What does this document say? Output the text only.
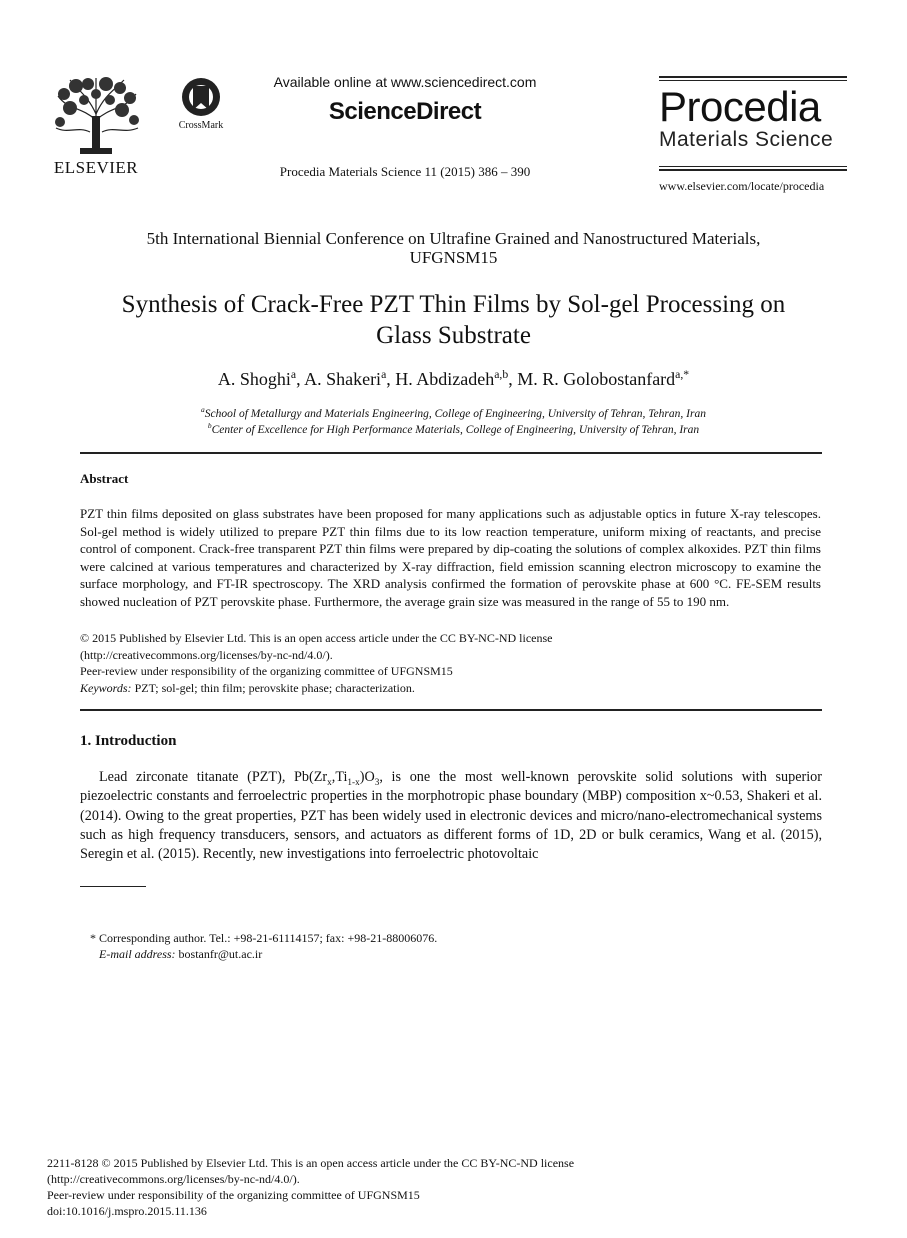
ELSEVIER
CrossMark
Available online at www.sciencedirect.com
ScienceDirect
Procedia Materials Science 11 (2015) 386 – 390
Procedia
Materials Science
www.elsevier.com/locate/procedia
5th International Biennial Conference on Ultrafine Grained and Nanostructured Materials,
UFGNSM15
Synthesis of Crack-Free PZT Thin Films by Sol-gel Processing on
Glass Substrate
A. Shoghi$^a$, A. Shakeri$^a$, H. Abdizadeh$^{a,b}$, M. R. Golobostanfard$^{a,*}$
$^a$School of Metallurgy and Materials Engineering, College of Engineering, University of Tehran, Tehran, Iran
$^b$Center of Excellence for High Performance Materials, College of Engineering, University of Tehran, Iran
Abstract
PZT thin films deposited on glass substrates have been proposed for many applications such as adjustable optics in future X-ray telescopes. Sol-gel method is widely utilized to prepare PZT thin films due to its low reaction temperature, uniform mixing of reactants, and precise control of component. Crack-free transparent PZT thin films were prepared by dip-coating the solutions of complex alkoxides. PZT thin films were calcined at various temperatures and characterized by X-ray diffraction, field emission scanning electron microscopy to examine the surface morphology, and FT-IR spectroscopy. The XRD analysis confirmed the formation of perovskite phase at 600 °C. FE-SEM results showed nucleation of PZT perovskite phase. Furthermore, the average grain size was measured in the range of 55 to 190 nm.
© 2015 Published by Elsevier Ltd. This is an open access article under the CC BY-NC-ND license
(http://creativecommons.org/licenses/by-nc-nd/4.0/).
Peer-review under responsibility of the organizing committee of UFGNSM15
Keywords: PZT; sol-gel; thin film; perovskite phase; characterization.
1. Introduction
Lead zirconate titanate (PZT), $Pb(Zr_x,Ti_{1-x})O_3$, is one the most well-known perovskite solid solutions with superior piezoelectric constants and ferroelectric properties in the morphotropic phase boundary (MBP) composition x~0.53, Shakeri et al. (2014). Owing to the great properties, PZT has been widely used in electronic devices and micro/nano-electromechanical systems such as high frequency transducers, sensors, and actuators as different forms of 1D, 2D or bulk ceramics, Wang et al. (2015), Seregin et al. (2015). Recently, new investigations into ferroelectric photovoltaic
* Corresponding author. Tel.: +98-21-61114157; fax: +98-21-88006076.
E-mail address: bostanfr@ut.ac.ir
2211-8128 © 2015 Published by Elsevier Ltd. This is an open access article under the CC BY-NC-ND license
(http://creativecommons.org/licenses/by-nc-nd/4.0/).
Peer-review under responsibility of the organizing committee of UFGNSM15
doi:10.1016/j.mspro.2015.11.136
